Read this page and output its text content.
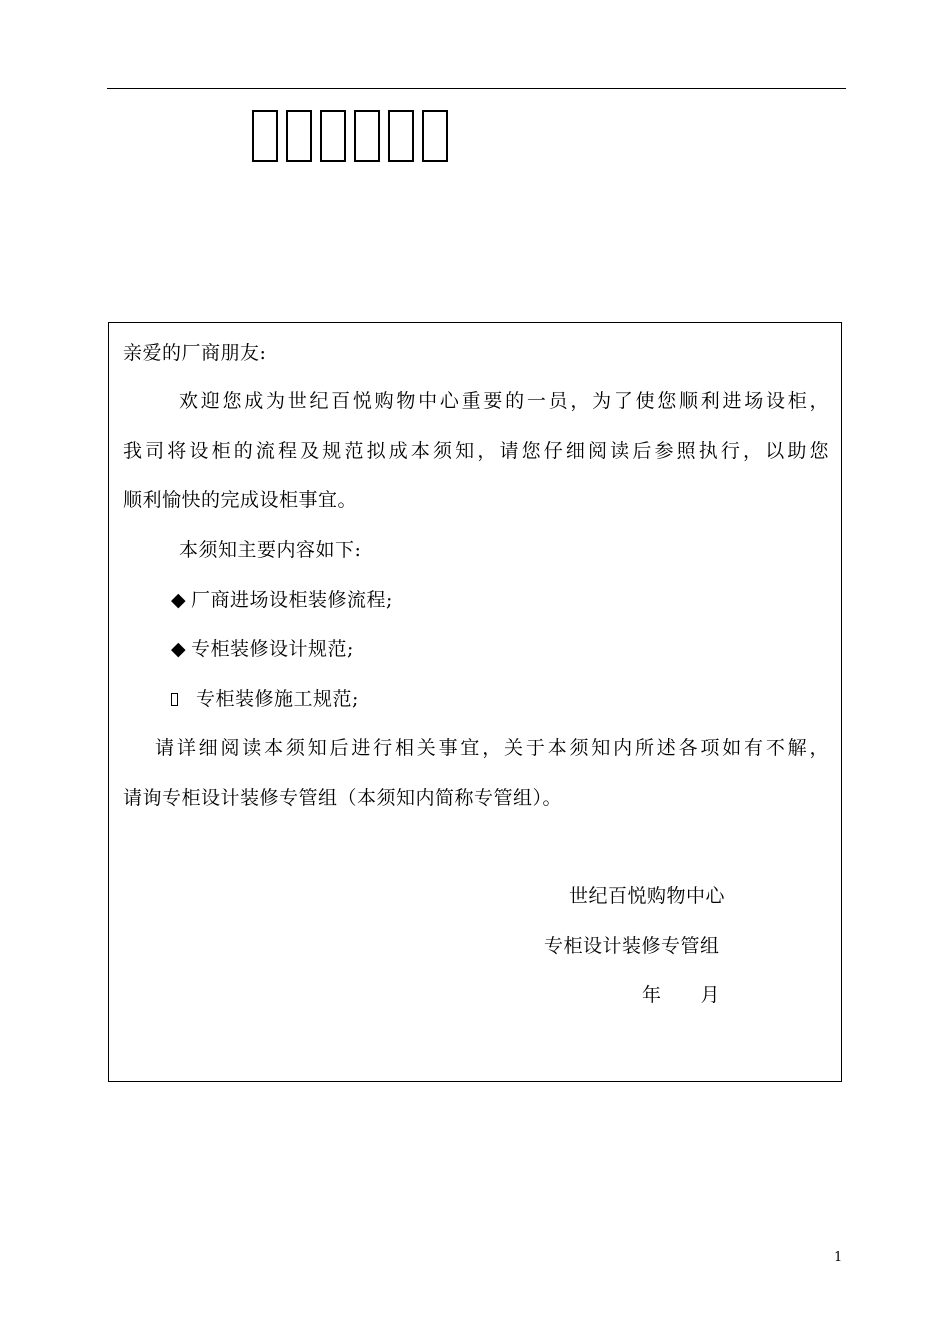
亲爱的厂商朋友:
欢迎您成为世纪百悦购物中心重要的一员，为了使您顺利进场设柜，
我司将设柜的流程及规范拟成本须知，请您仔细阅读后参照执行，以助您
顺利愉快的完成设柜事宜。
本须知主要内容如下:
◆ 厂商进场设柜装修流程;
◆ 专柜装修设计规范;
专柜装修施工规范;
请详细阅读本须知后进行相关事宜，关于本须知内所述各项如有不解，
请询专柜设计装修专管组（本须知内简称专管组）。
世纪百悦购物中心
专柜设计装修专管组
年　　月
1
